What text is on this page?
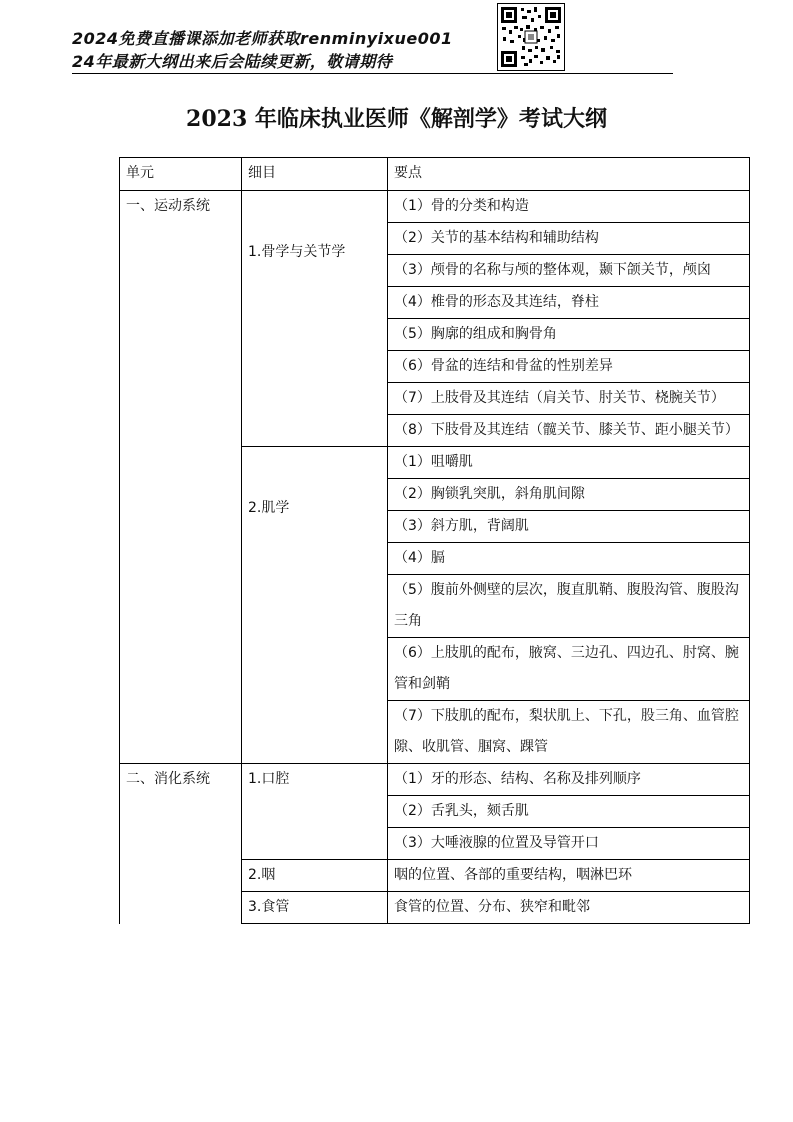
2024免费直播课添加老师获取renminyixue001
24年最新大纲出来后会陆续更新，敬请期待
2023 年临床执业医师《解剖学》考试大纲
单元	细目	要点
一、运动系统	1.骨学与关节学	（1）骨的分类和构造
		（2）关节的基本结构和辅助结构
		（3）颅骨的名称与颅的整体观，颞下颌关节，颅囟
		（4）椎骨的形态及其连结，脊柱
		（5）胸廓的组成和胸骨角
		（6）骨盆的连结和骨盆的性别差异
		（7）上肢骨及其连结（肩关节、肘关节、桡腕关节）
		（8）下肢骨及其连结（髋关节、膝关节、距小腿关节）
	2.肌学	（1）咀嚼肌
		（2）胸锁乳突肌，斜角肌间隙
		（3）斜方肌，背阔肌
		（4）膈
		（5）腹前外侧壁的层次，腹直肌鞘、腹股沟管、腹股沟三角
		（6）上肢肌的配布，腋窝、三边孔、四边孔、肘窝、腕管和剑鞘
		（7）下肢肌的配布，梨状肌上、下孔，股三角、血管腔隙、收肌管、腘窝、踝管
二、消化系统	1.口腔	（1）牙的形态、结构、名称及排列顺序
		（2）舌乳头，颏舌肌
		（3）大唾液腺的位置及导管开口
	2.咽	咽的位置、各部的重要结构，咽淋巴环
	3.食管	食管的位置、分布、狭窄和毗邻
